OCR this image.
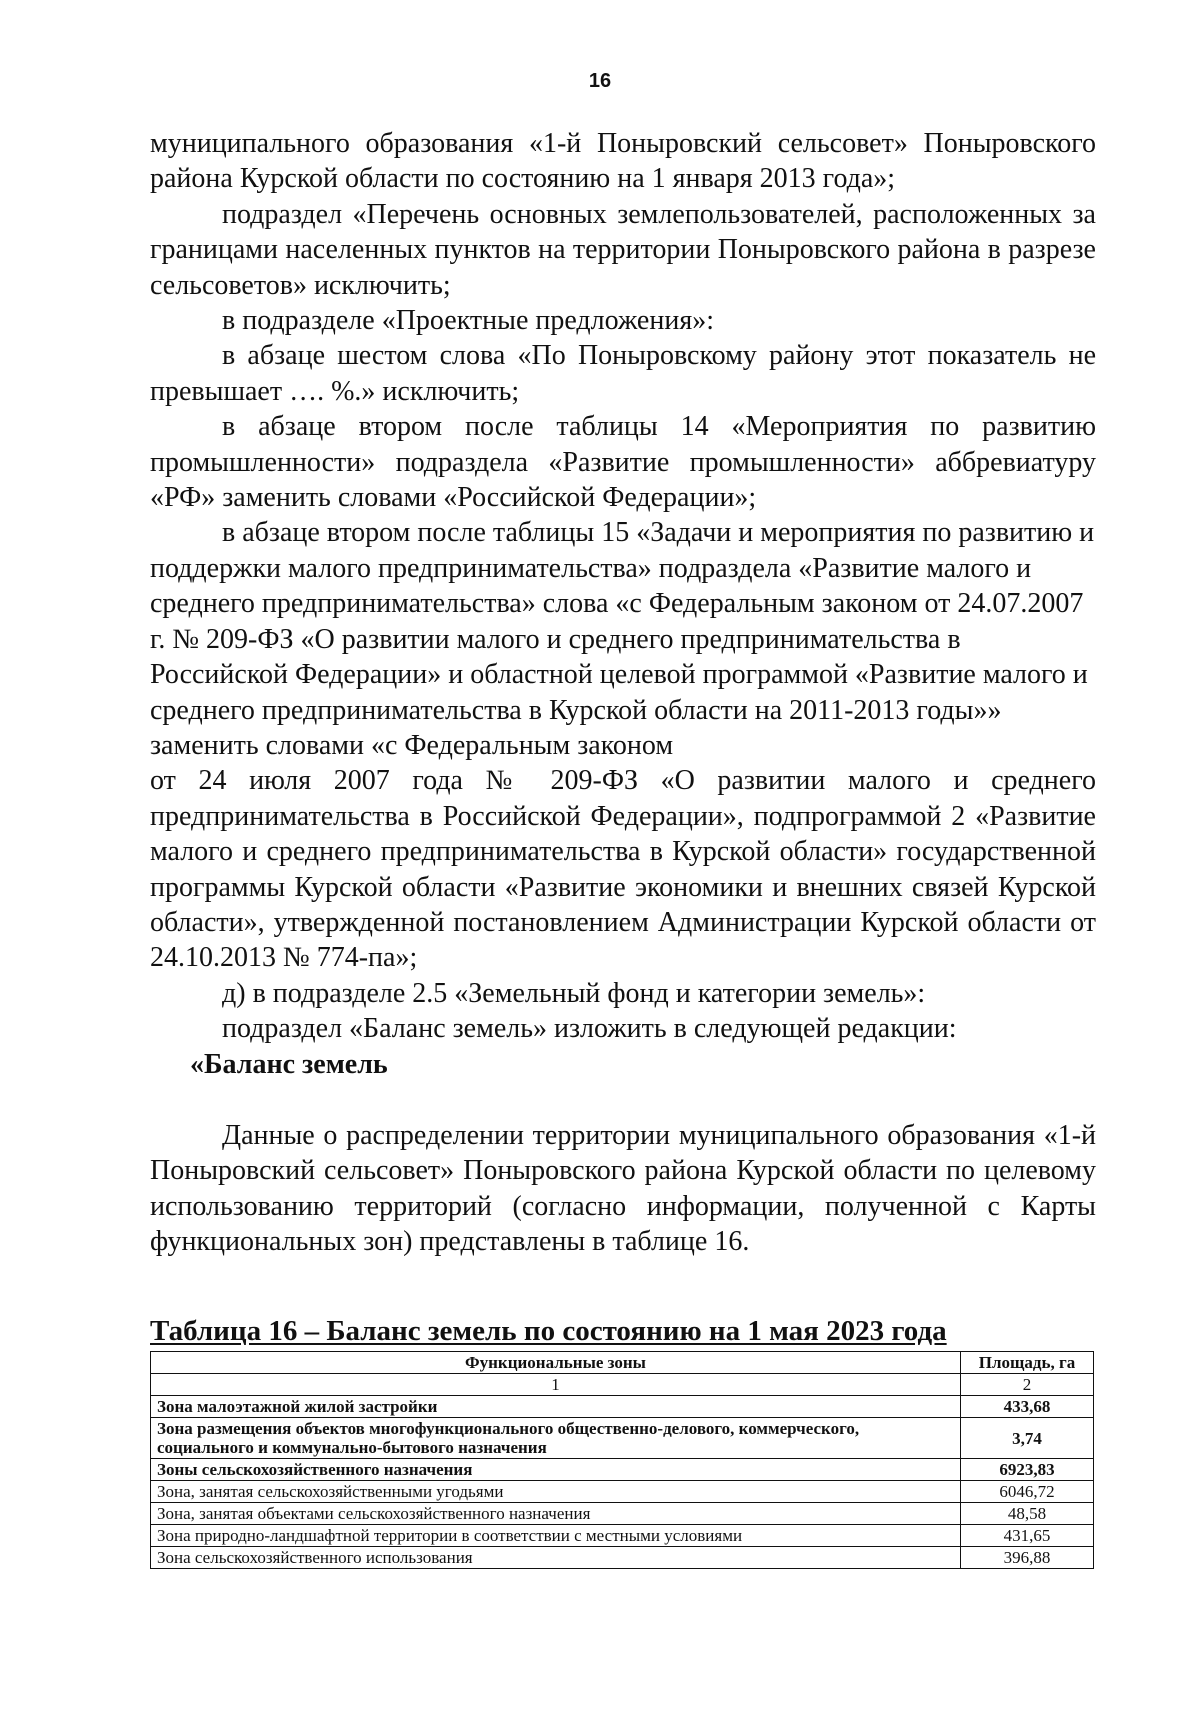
16

муниципального образования «1-й Поныровский сельсовет» Поныровского района Курской области по состоянию на 1 января 2013 года»;

подраздел «Перечень основных землепользователей, расположенных за границами населенных пунктов на территории Поныровского района в разрезе сельсоветов» исключить;

в подразделе «Проектные предложения»:

в абзаце шестом слова «По Поныровскому району этот показатель не превышает …. %.» исключить;

в абзаце втором после таблицы 14 «Мероприятия по развитию промышленности» подраздела «Развитие промышленности» аббревиатуру «РФ» заменить словами «Российской Федерации»;

в абзаце втором после таблицы 15 «Задачи и мероприятия по развитию и поддержки малого предпринимательства» подраздела «Развитие малого и среднего предпринимательства» слова «с Федеральным законом от 24.07.2007 г. № 209-ФЗ «О развитии малого и среднего предпринимательства в Российской Федерации» и областной целевой программой «Развитие малого и среднего предпринимательства в Курской области на 2011-2013 годы»» заменить словами «с Федеральным законом

от 24 июля 2007 года № 209-ФЗ «О развитии малого и среднего предпринимательства в Российской Федерации», подпрограммой 2 «Развитие малого и среднего предпринимательства в Курской области» государственной программы Курской области «Развитие экономики и внешних связей Курской области», утвержденной постановлением Администрации Курской области от 24.10.2013 № 774-па»;

д) в подразделе 2.5 «Земельный фонд и категории земель»:

подраздел «Баланс земель» изложить в следующей редакции:

«Баланс земель

Данные о распределении территории муниципального образования «1-й Поныровский сельсовет» Поныровского района Курской области по целевому использованию территорий (согласно информации, полученной с Карты функциональных зон) представлены в таблице 16.

Таблица 16 – Баланс земель по состоянию на 1 мая 2023 года
Функциональные зоны	Площадь, га
1	2
Зона малоэтажной жилой застройки	433,68
Зона размещения объектов многофункционального общественно-делового, коммерческого, социального и коммунально-бытового назначения	3,74
Зоны сельскохозяйственного назначения	6923,83
Зона, занятая сельскохозяйственными угодьями	6046,72
Зона, занятая объектами сельскохозяйственного назначения	48,58
Зона природно-ландшафтной территории в соответствии с местными условиями	431,65
Зона сельскохозяйственного использования	396,88
